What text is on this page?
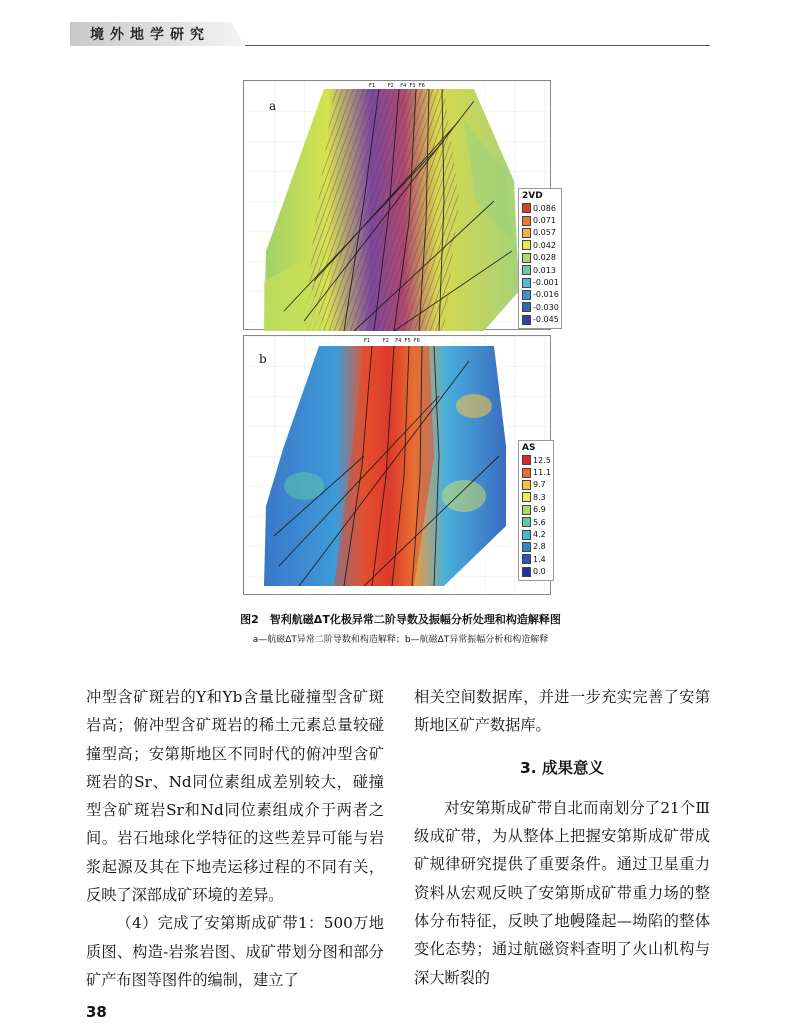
境外地学研究
a
F1	F2 F4 F3 F6
2VD
0.086
0.071
0.057
0.042
0.028
0.013
-0.001
-0.016
-0.030
-0.045
b
F1	F2 F4 F5 F6
AS
12.5
11.1
9.7
8.3
6.9
5.6
4.2
2.8
1.4
0.0
图2　智利航磁ΔT化极异常二阶导数及振幅分析处理和构造解释图
a—航磁ΔT异常二阶导数和构造解释；b—航磁ΔT异常振幅分析和构造解释

冲型含矿斑岩的Y和Yb含量比碰撞型含矿斑岩高；俯冲型含矿斑岩的稀土元素总量较碰撞型高；安第斯地区不同时代的俯冲型含矿斑岩的Sr、Nd同位素组成差别较大，碰撞型含矿斑岩Sr和Nd同位素组成介于两者之间。岩石地球化学特征的这些差异可能与岩浆起源及其在下地壳运移过程的不同有关，反映了深部成矿环境的差异。

（4）完成了安第斯成矿带1：500万地质图、构造-岩浆岩图、成矿带划分图和部分矿产布图等图件的编制，建立了

相关空间数据库，并进一步充实完善了安第斯地区矿产数据库。

3. 成果意义

对安第斯成矿带自北而南划分了21个Ⅲ级成矿带，为从整体上把握安第斯成矿带成矿规律研究提供了重要条件。通过卫星重力资料从宏观反映了安第斯成矿带重力场的整体分布特征，反映了地幔隆起—坳陷的整体变化态势；通过航磁资料查明了火山机构与深大断裂的

38
